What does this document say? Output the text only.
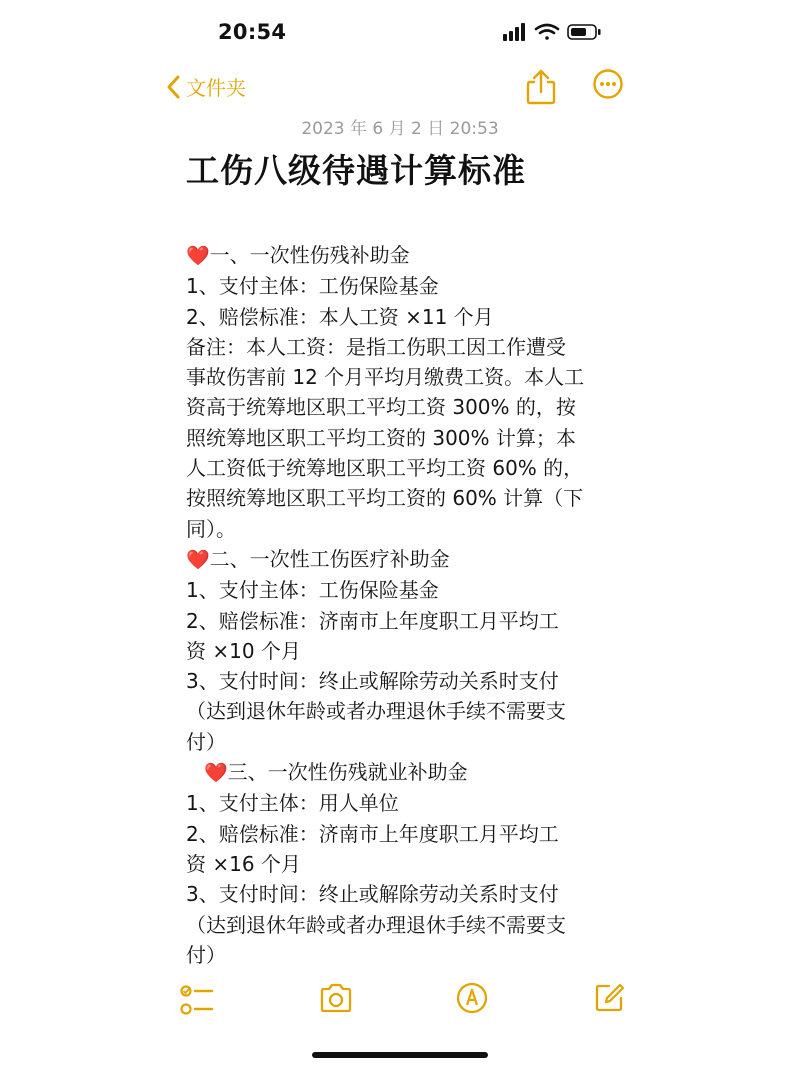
20:54
文件夹
2023 年 6 月 2 日 20:53
工伤八级待遇计算标准
❤️一、一次性伤残补助金
1、支付主体：工伤保险基金
2、赔偿标准：本人工资 ×11 个月
备注：本人工资：是指工伤职工因工作遭受
事故伤害前 12 个月平均月缴费工资。本人工
资高于统筹地区职工平均工资 300% 的，按
照统筹地区职工平均工资的 300% 计算；本
人工资低于统筹地区职工平均工资 60% 的，
按照统筹地区职工平均工资的 60% 计算（下
同）。
❤️二、一次性工伤医疗补助金
1、支付主体：工伤保险基金
2、赔偿标准：济南市上年度职工月平均工
资 ×10 个月
3、支付时间：终止或解除劳动关系时支付
（达到退休年龄或者办理退休手续不需要支
付）
❤️三、一次性伤残就业补助金
1、支付主体：用人单位
2、赔偿标准：济南市上年度职工月平均工
资 ×16 个月
3、支付时间：终止或解除劳动关系时支付
（达到退休年龄或者办理退休手续不需要支
付）
